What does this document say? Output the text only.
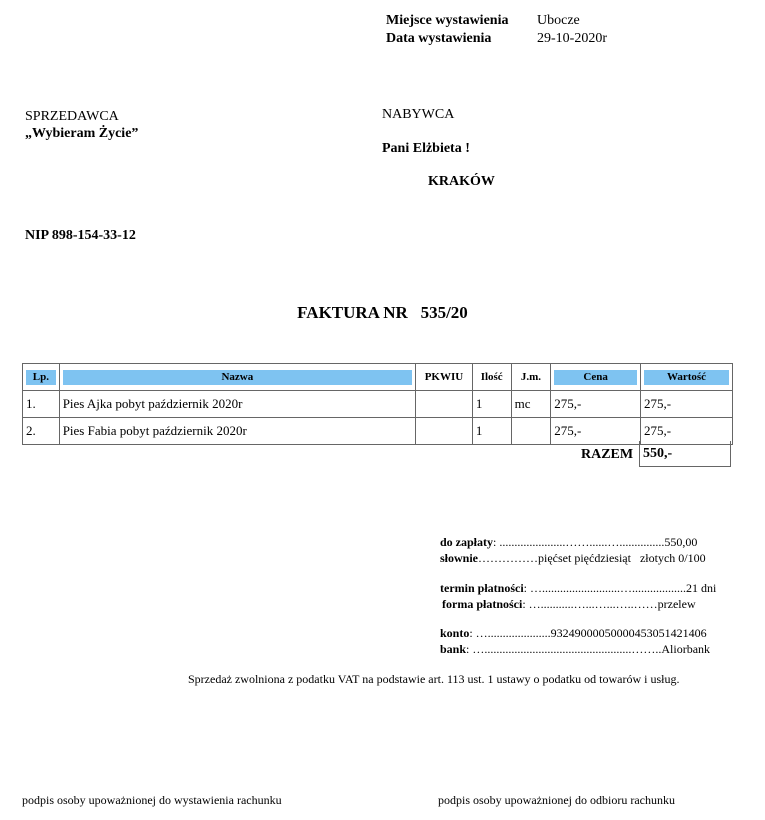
Miejsce wystawienia Ubocze
Data wystawienia	29-10-2020r
SPRZEDAWCA
„Wybieram Życie”
NIP 898-154-33-12
NABYWCA
Pani Elżbieta !
KRAKÓW
FAKTURA NR   535/20
Lp.	Nazwa	PKWIU	Ilość	J.m.	Cena	Wartość

1.	Pies Ajka pobyt październik 2020r		1	mc	275,-	275,-
2.	Pies Fabia pobyt październik 2020r		1		275,-	275,-
RAZEM 550,-
do zapłaty: ......................……......…...............550,00
słownie……………pięćset pięćdziesiąt   złotych 0/100
termin płatności: …..........................…..................21 dni
forma płatności: …...........…...…...…..……przelew
konto: ….....................93249000050000453051421406
bank: ….................................................……..Aliorbank
Sprzedaż zwolniona z podatku VAT na podstawie art. 113 ust. 1 ustawy o podatku od towarów i usług.
podpis osoby upoważnionej do wystawienia rachunku	podpis osoby upoważnionej do odbioru rachunku
